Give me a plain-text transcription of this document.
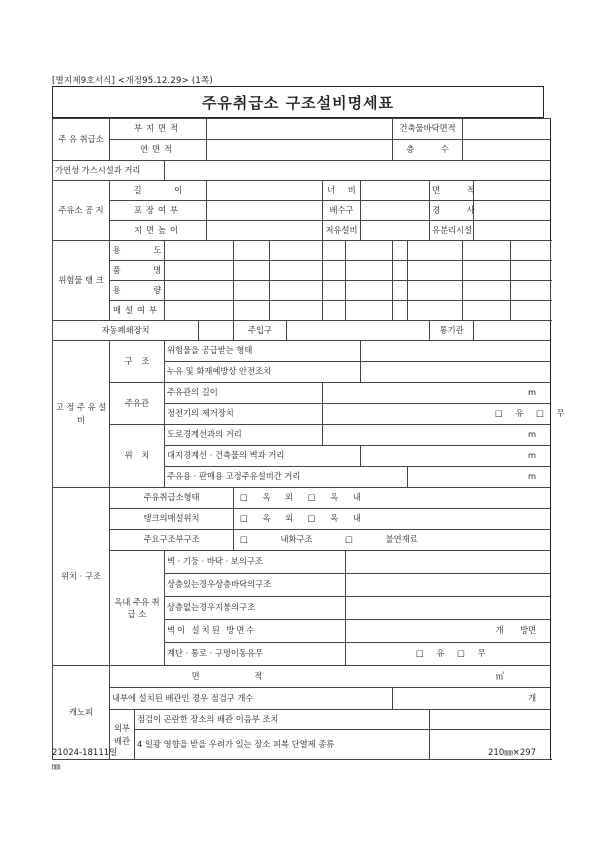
[별지제9호서식] <개정95.12.29> (1쪽)
주유취급소 구조설비명세표
주 유 취급소	부지면적											건축물바닥면적						
	연면적											층 수						
가연성 가스시설과 거리																		
주유소 공 지	길 이								너 비					면 적				
	포장여부								배수구					경 사				
	지면높이								저유설비					유분리시설				
위험물 탱 크	용 도																	
	품 명																	
	용 량																	
	매설여부																	
자동폐쇄장치						주입구								통기관				
고 정 주 유 설 비	구 조		위험물을 공급받는 형태															
			누유 및 화재예방상 안전조치															
	주유관		주유관의 길이						m									
			정전기의 제거장치						□ 유 □ 무									
	위 치		도로경계선과의 거리						m									
			대지경계선 · 건축물의 벽과 거리								m							
			주유용 · 판매용 고정주유설비간 거리										m					
위치 · 구조	주유취급소형태					□ 옥 외 □ 옥 내												
	탱크의매설위치					□ 옥 외 □ 옥 내												
	주요구조부구조					□ 내화구조 □ 불연재료												
	옥내 주유 취급 소		벽 · 기둥 · 바닥 · 보의구조															
			상층있는경우상층바닥의구조															
			상층없는경우지붕의구조															
			벽이 설치된 방면수							개 방면								
			계단 · 통로 · 구멍이동유무							□ 유 □ 무								
캐노피	면 적 ㎡																	
	내부에 설치된 배관인 경우 점검구 개수											개						
	외부 배관	점검이 곤란한 장소의 배관 이음부 조치																
		4 일광 영향을 받을 우려가 있는 장소 피복 단열제 종류																
21024-18111일
㎜
210㎜×297
